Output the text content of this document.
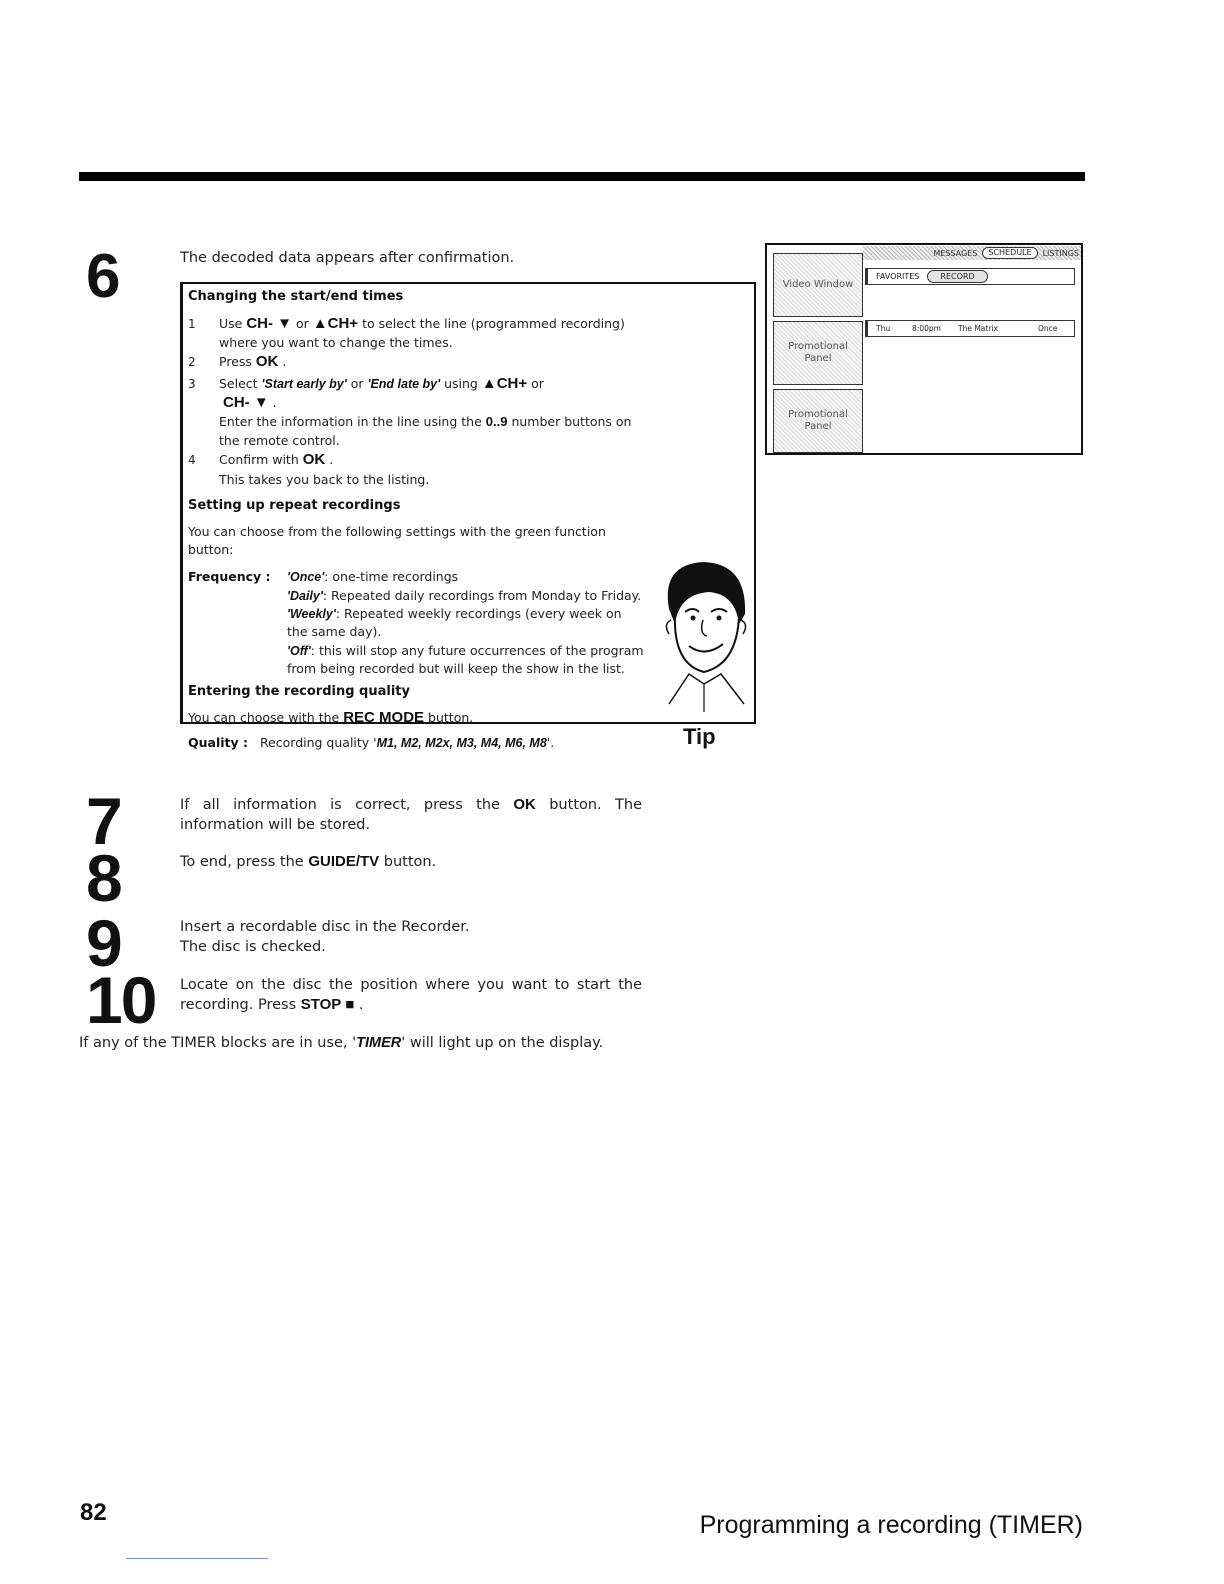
6	The decoded data appears after confirmation.
Changing the start/end times
1 Use CH- ▼ or ▲CH+ to select the line (programmed recording)
where you want to change the times.
2 Press OK .
3 Select 'Start early by' or 'End late by' using ▲CH+ or
CH- ▼ .
Enter the information in the line using the 0..9 number buttons on
the remote control.
4 Confirm with OK .
This takes you back to the listing.
Setting up repeat recordings
You can choose from the following settings with the green function
button:
Frequency : 'Once': one-time recordings
'Daily': Repeated daily recordings from Monday to Friday.
'Weekly': Repeated weekly recordings (every week on
the same day).
'Off': this will stop any future occurrences of the program
from being recorded but will keep the show in the list.
Entering the recording quality
You can choose with the REC MODE button.
Quality : Recording quality 'M1, M2, M2x, M3, M4, M6, M8'.	Tip
Video Window
Promotional Panel
Promotional Panel
MESSAGES	SCHEDULE	LISTINGS
FAVORITES	RECORD
Thu	8:00pm	The Matrix	Once
7	If all information is correct, press the OK button. The
information will be stored.
8	To end, press the GUIDE/TV button.
9	Insert a recordable disc in the Recorder.
The disc is checked.
10 Locate on the disc the position where you want to start the
recording. Press STOP ■ .
If any of the TIMER blocks are in use, 'TIMER' will light up on the display.
82	Programming a recording (TIMER)
